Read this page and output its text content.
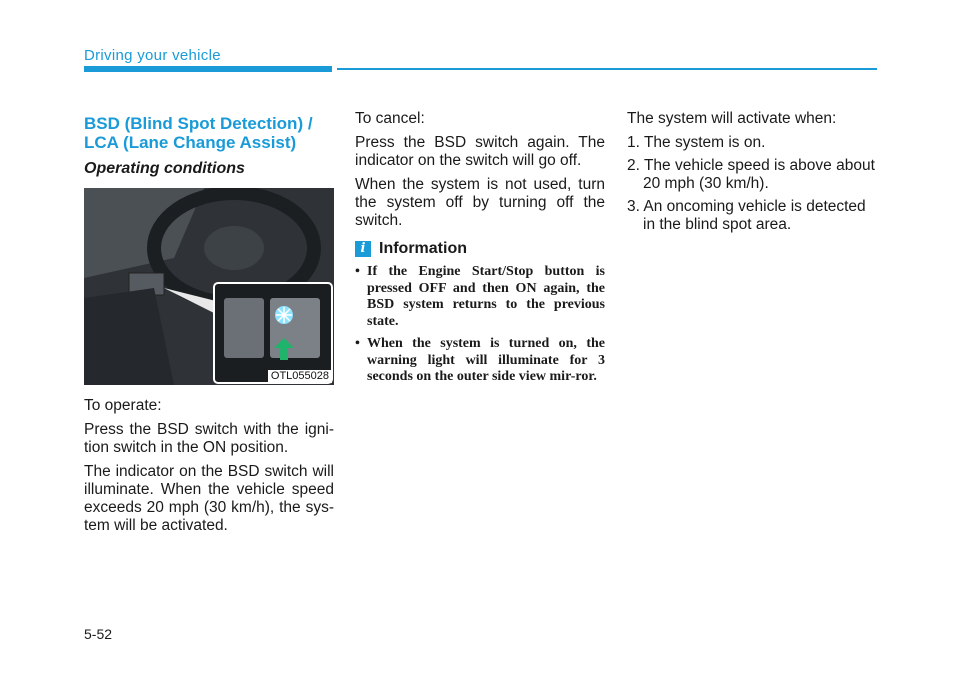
Driving your vehicle
BSD (Blind Spot Detection) /
LCA (Lane Change Assist)
Operating conditions
OTL055028

To operate:

Press the BSD switch with the igni-tion switch in the ON position.

The indicator on the BSD switch will illuminate. When the vehicle speed exceeds 20 mph (30 km/h), the sys-tem will be activated.

To cancel:

Press the BSD switch again. The indicator on the switch will go off.

When the system is not used, turn the system off by turning off the switch.

i Information
• If the Engine Start/Stop button is pressed OFF and then ON again, the BSD system returns to the previous state.
• When the system is turned on, the warning light will illuminate for 3 seconds on the outer side view mir-ror.

The system will activate when:

1. The system is on.
2. The vehicle speed is above about 20 mph (30 km/h).
3. An oncoming vehicle is detected in the blind spot area.
5-52
